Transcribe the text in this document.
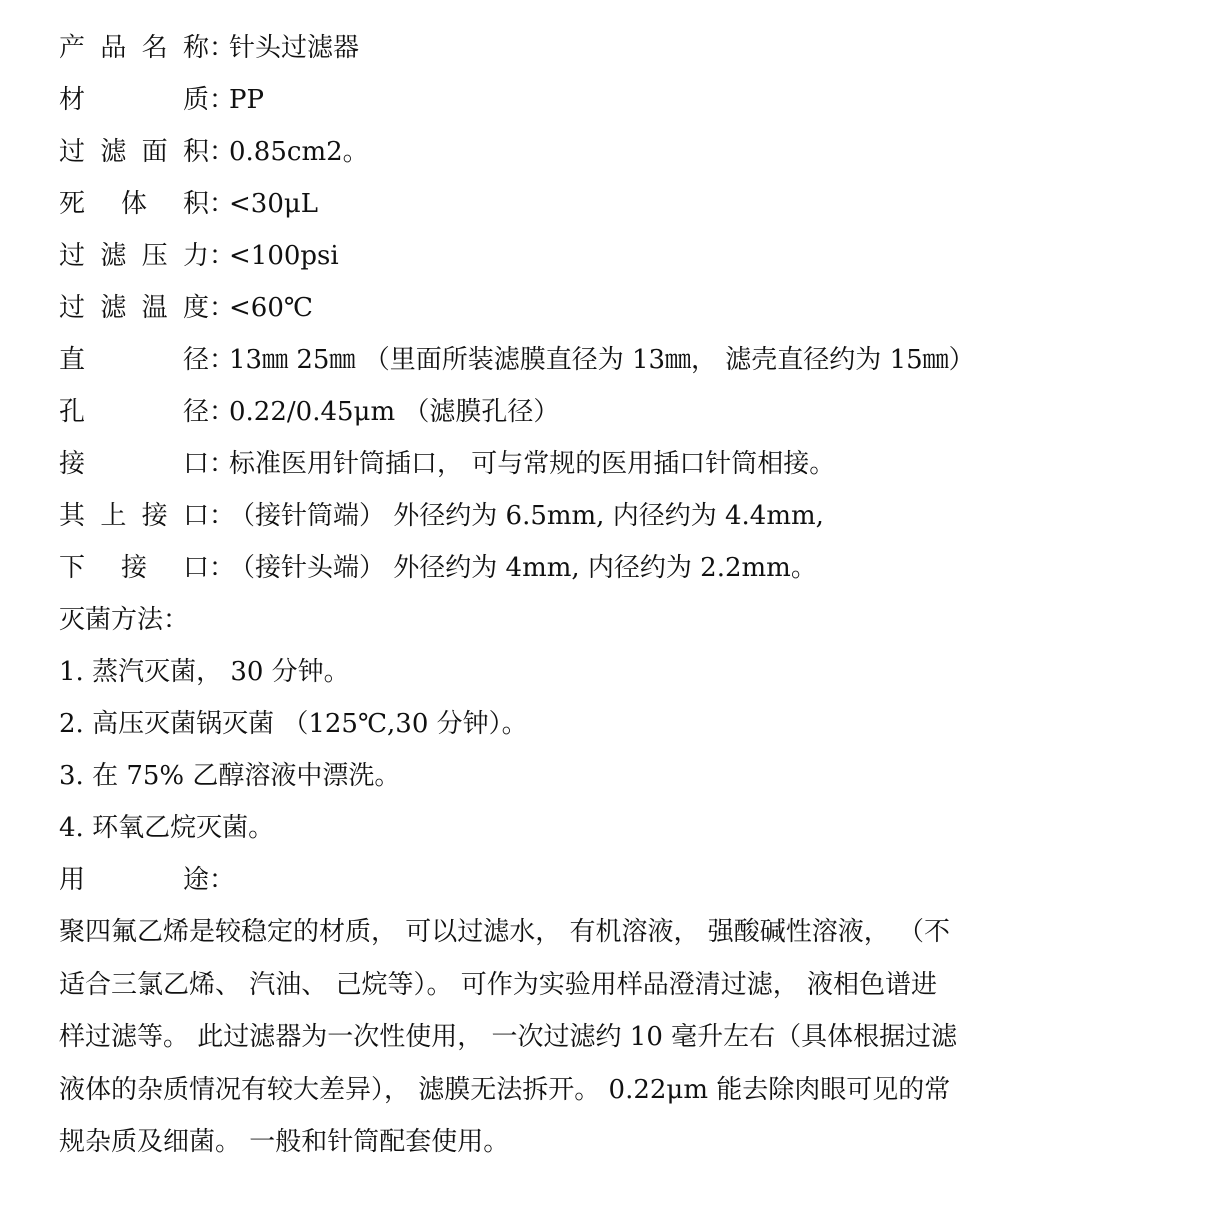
产 品 名 称 ：
针头过滤器
材	质 ：
PP
过 滤 面 积 ：
0.85cm2。
死 体 积 ：
<30μL
过 滤 压 力 ：
<100psi
过 滤 温 度 ：
<60℃
直	径 ：
13㎜ 25㎜ （里面所装滤膜直径为 13㎜， 滤壳直径约为 15㎜）
孔	径 ：
0.22/0.45μm （滤膜孔径）
接	口 ：
标准医用针筒插口， 可与常规的医用插口针筒相接。
其 上 接 口 ：
（接针筒端） 外径约为 6.5mm, 内径约为 4.4mm,
下 接 口 ：
（接针头端） 外径约为 4mm, 内径约为 2.2mm。
灭菌方法：
1. 蒸汽灭菌， 30 分钟。
2. 高压灭菌锅灭菌 （125℃,30 分钟）。
3. 在 75% 乙醇溶液中漂洗。
4. 环氧乙烷灭菌。
用	途 ：
聚四氟乙烯是较稳定的材质， 可以过滤水， 有机溶液， 强酸碱性溶液， （不
适合三氯乙烯、 汽油、 己烷等）。 可作为实验用样品澄清过滤， 液相色谱进
样过滤等。 此过滤器为一次性使用， 一次过滤约 10 毫升左右（具体根据过滤
液体的杂质情况有较大差异）， 滤膜无法拆开。 0.22μm 能去除肉眼可见的常
规杂质及细菌。 一般和针筒配套使用。
